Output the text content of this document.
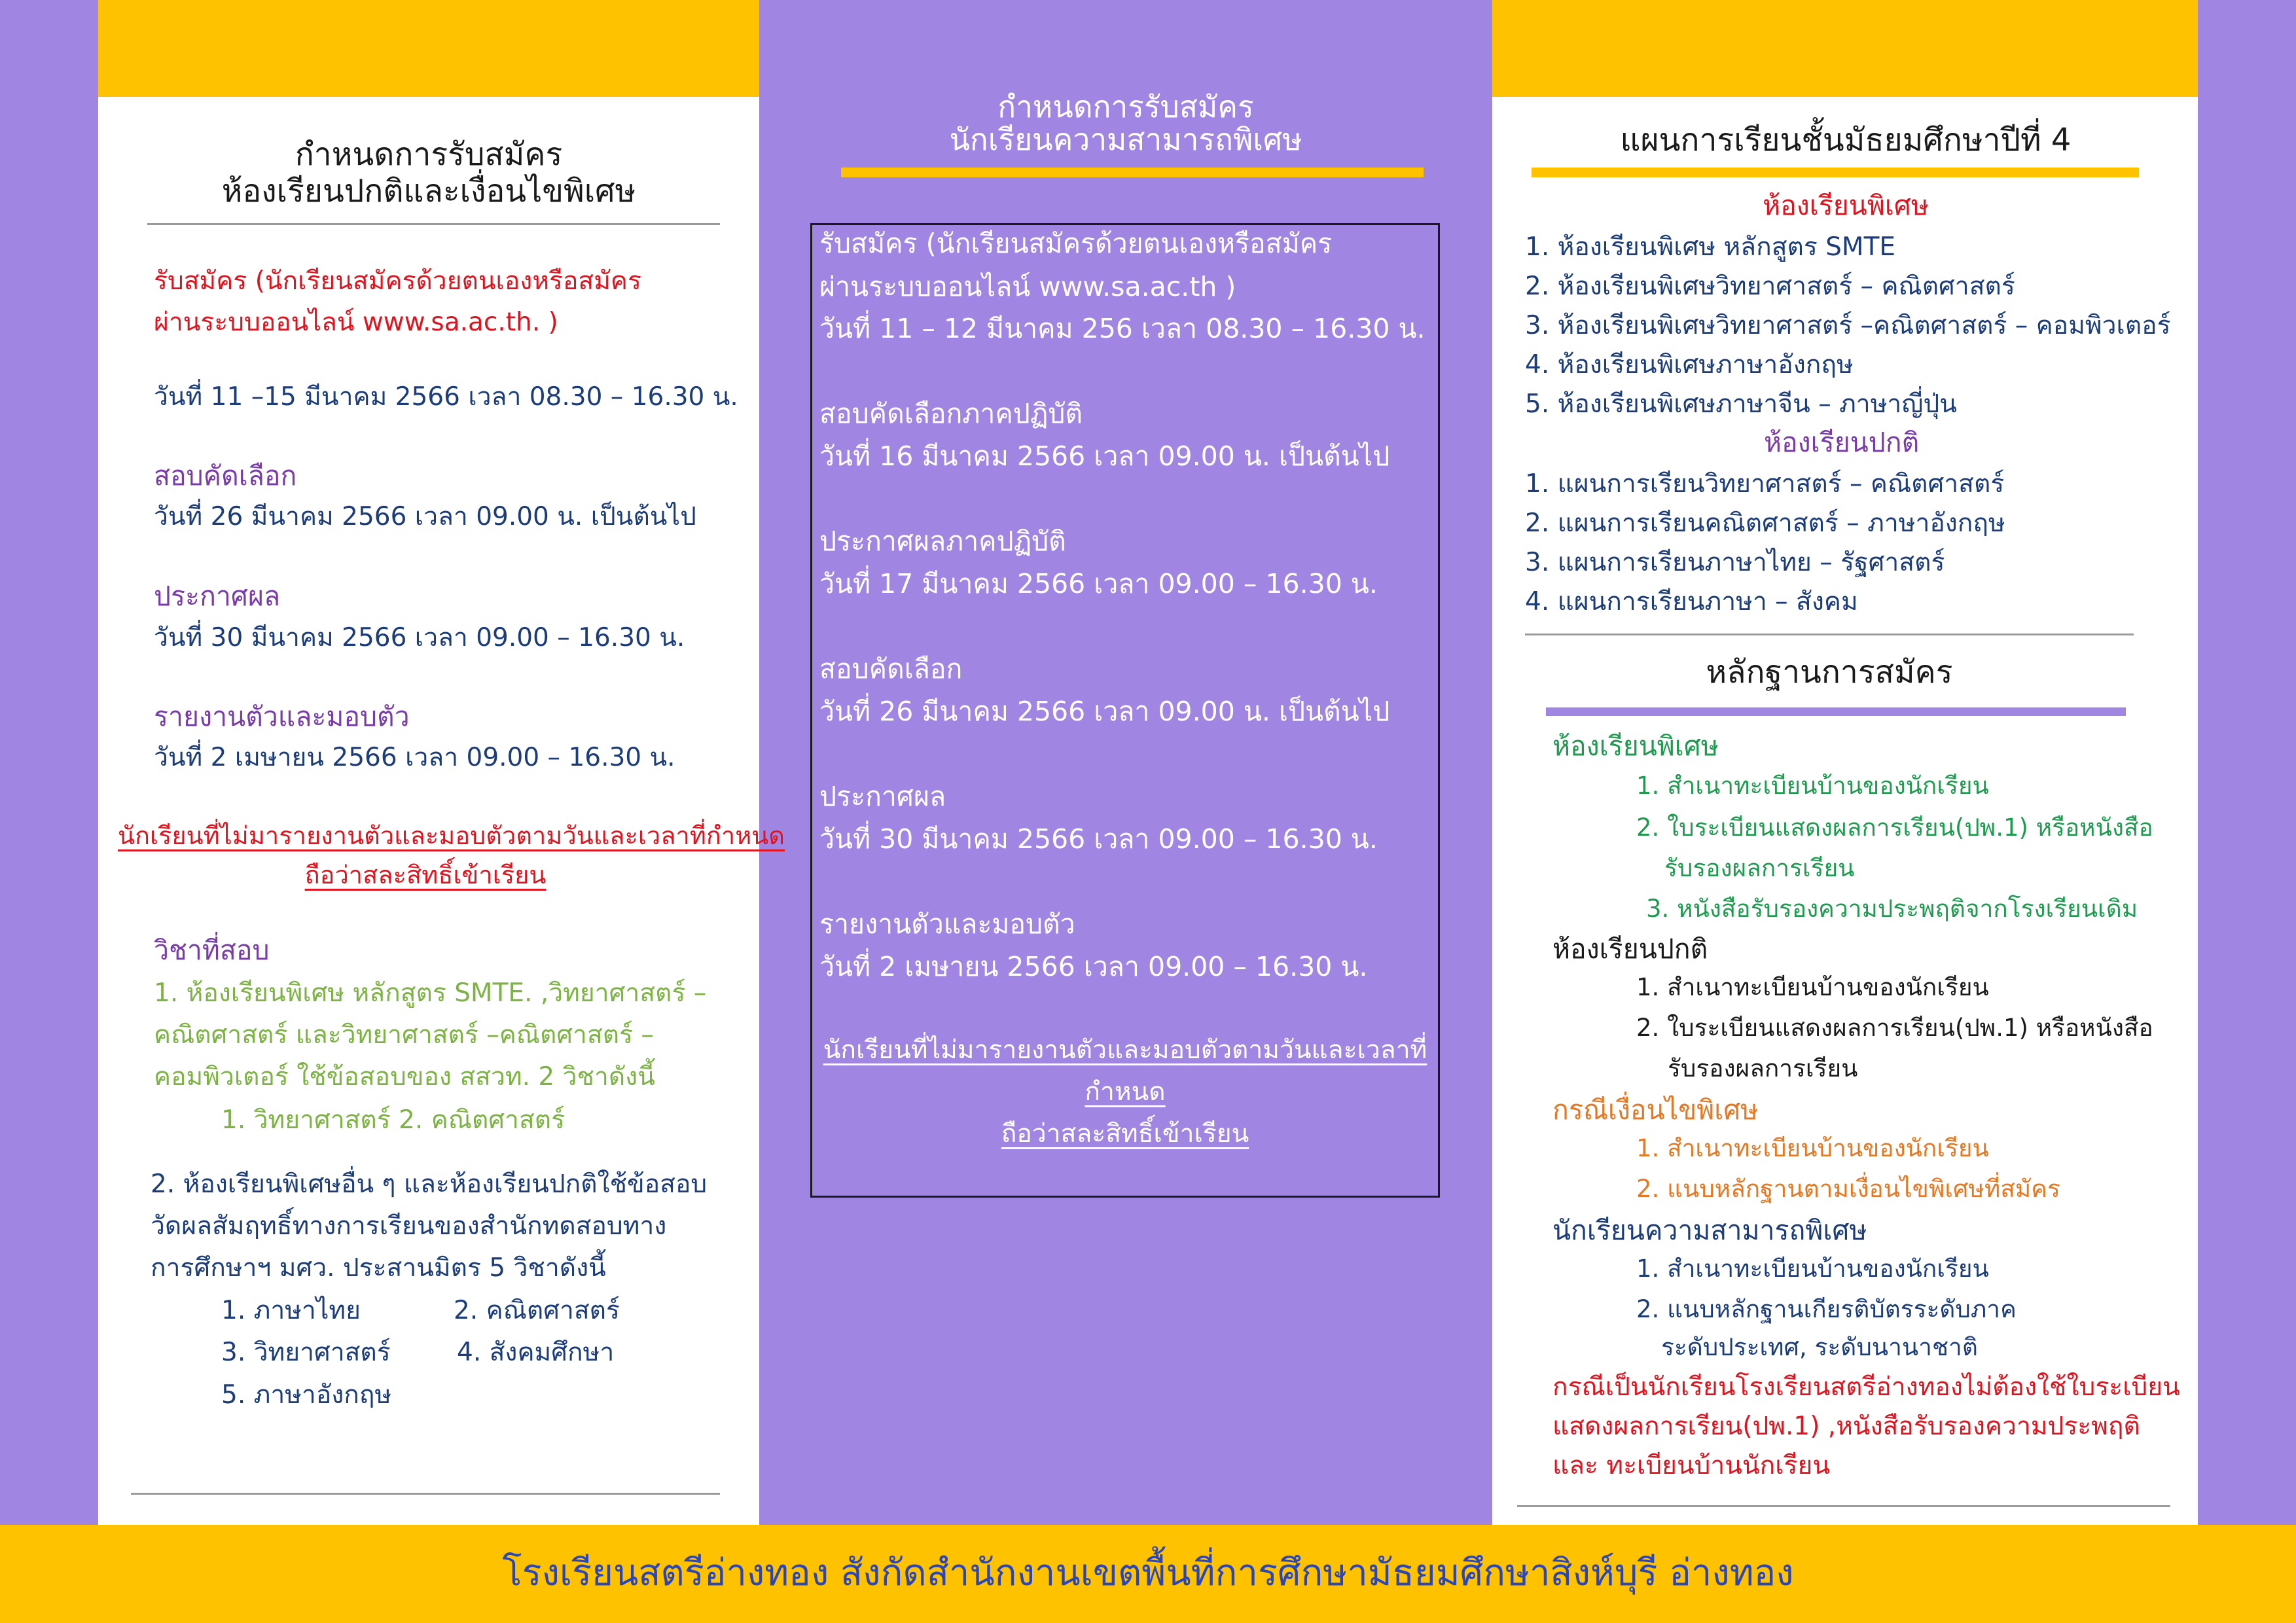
กำหนดการรับสมัคร
ห้องเรียนปกติและเงื่อนไขพิเศษ
รับสมัคร (นักเรียนสมัครด้วยตนเองหรือสมัคร
ผ่านระบบออนไลน์ www.sa.ac.th. )
วันที่ 11 –15 มีนาคม 2566 เวลา 08.30 – 16.30 น.
สอบคัดเลือก
วันที่ 26 มีนาคม 2566 เวลา 09.00 น. เป็นต้นไป
ประกาศผล
วันที่ 30 มีนาคม 2566 เวลา 09.00 – 16.30 น.
รายงานตัวและมอบตัว
วันที่ 2 เมษายน 2566 เวลา 09.00 – 16.30 น.
นักเรียนที่ไม่มารายงานตัวและมอบตัวตามวันและเวลาที่กำหนด
ถือว่าสละสิทธิ์เข้าเรียน
วิชาที่สอบ
1. ห้องเรียนพิเศษ หลักสูตร SMTE. ,วิทยาศาสตร์ –
คณิตศาสตร์ และวิทยาศาสตร์ –คณิตศาสตร์ –
คอมพิวเตอร์ ใช้ข้อสอบของ สสวท. 2 วิชาดังนี้
1. วิทยาศาสตร์ 2. คณิตศาสตร์
2. ห้องเรียนพิเศษอื่น ๆ และห้องเรียนปกติใช้ข้อสอบ
วัดผลสัมฤทธิ์ทางการเรียนของสำนักทดสอบทาง
การศึกษาฯ มศว. ประสานมิตร 5 วิชาดังนี้
1. ภาษาไทย	2. คณิตศาสตร์
3. วิทยาศาสตร์	4. สังคมศึกษา
5. ภาษาอังกฤษ
กำหนดการรับสมัคร
นักเรียนความสามารถพิเศษ
รับสมัคร (นักเรียนสมัครด้วยตนเองหรือสมัคร
ผ่านระบบออนไลน์ www.sa.ac.th )
วันที่ 11 – 12 มีนาคม 256 เวลา 08.30 – 16.30 น.
สอบคัดเลือกภาคปฏิบัติ
วันที่ 16 มีนาคม 2566 เวลา 09.00 น. เป็นต้นไป
ประกาศผลภาคปฏิบัติ
วันที่ 17 มีนาคม 2566 เวลา 09.00 – 16.30 น.
สอบคัดเลือก
วันที่ 26 มีนาคม 2566 เวลา 09.00 น. เป็นต้นไป
ประกาศผล
วันที่ 30 มีนาคม 2566 เวลา 09.00 – 16.30 น.
รายงานตัวและมอบตัว
วันที่ 2 เมษายน 2566 เวลา 09.00 – 16.30 น.
นักเรียนที่ไม่มารายงานตัวและมอบตัวตามวันและเวลาที่
กำหนด
ถือว่าสละสิทธิ์เข้าเรียน
แผนการเรียนชั้นมัธยมศึกษาปีที่ 4
ห้องเรียนพิเศษ
1. ห้องเรียนพิเศษ หลักสูตร SMTE
2. ห้องเรียนพิเศษวิทยาศาสตร์ – คณิตศาสตร์
3. ห้องเรียนพิเศษวิทยาศาสตร์ –คณิตศาสตร์ – คอมพิวเตอร์
4. ห้องเรียนพิเศษภาษาอังกฤษ
5. ห้องเรียนพิเศษภาษาจีน – ภาษาญี่ปุ่น
ห้องเรียนปกติ
1. แผนการเรียนวิทยาศาสตร์ – คณิตศาสตร์
2. แผนการเรียนคณิตศาสตร์ – ภาษาอังกฤษ
3. แผนการเรียนภาษาไทย – รัฐศาสตร์
4. แผนการเรียนภาษา – สังคม
หลักฐานการสมัคร
ห้องเรียนพิเศษ
1. สำเนาทะเบียนบ้านของนักเรียน
2. ใบระเบียนแสดงผลการเรียน(ปพ.1) หรือหนังสือ
รับรองผลการเรียน
3. หนังสือรับรองความประพฤติจากโรงเรียนเดิม
ห้องเรียนปกติ
1. สำเนาทะเบียนบ้านของนักเรียน
2. ใบระเบียนแสดงผลการเรียน(ปพ.1) หรือหนังสือ
รับรองผลการเรียน
กรณีเงื่อนไขพิเศษ
1. สำเนาทะเบียนบ้านของนักเรียน
2. แนบหลักฐานตามเงื่อนไขพิเศษที่สมัคร
นักเรียนความสามารถพิเศษ
1. สำเนาทะเบียนบ้านของนักเรียน
2. แนบหลักฐานเกียรติบัตรระดับภาค
ระดับประเทศ, ระดับนานาชาติ
กรณีเป็นนักเรียนโรงเรียนสตรีอ่างทองไม่ต้องใช้ใบระเบียน
แสดงผลการเรียน(ปพ.1) ,หนังสือรับรองความประพฤติ
และ ทะเบียนบ้านนักเรียน
โรงเรียนสตรีอ่างทอง สังกัดสำนักงานเขตพื้นที่การศึกษามัธยมศึกษาสิงห์บุรี อ่างทอง
